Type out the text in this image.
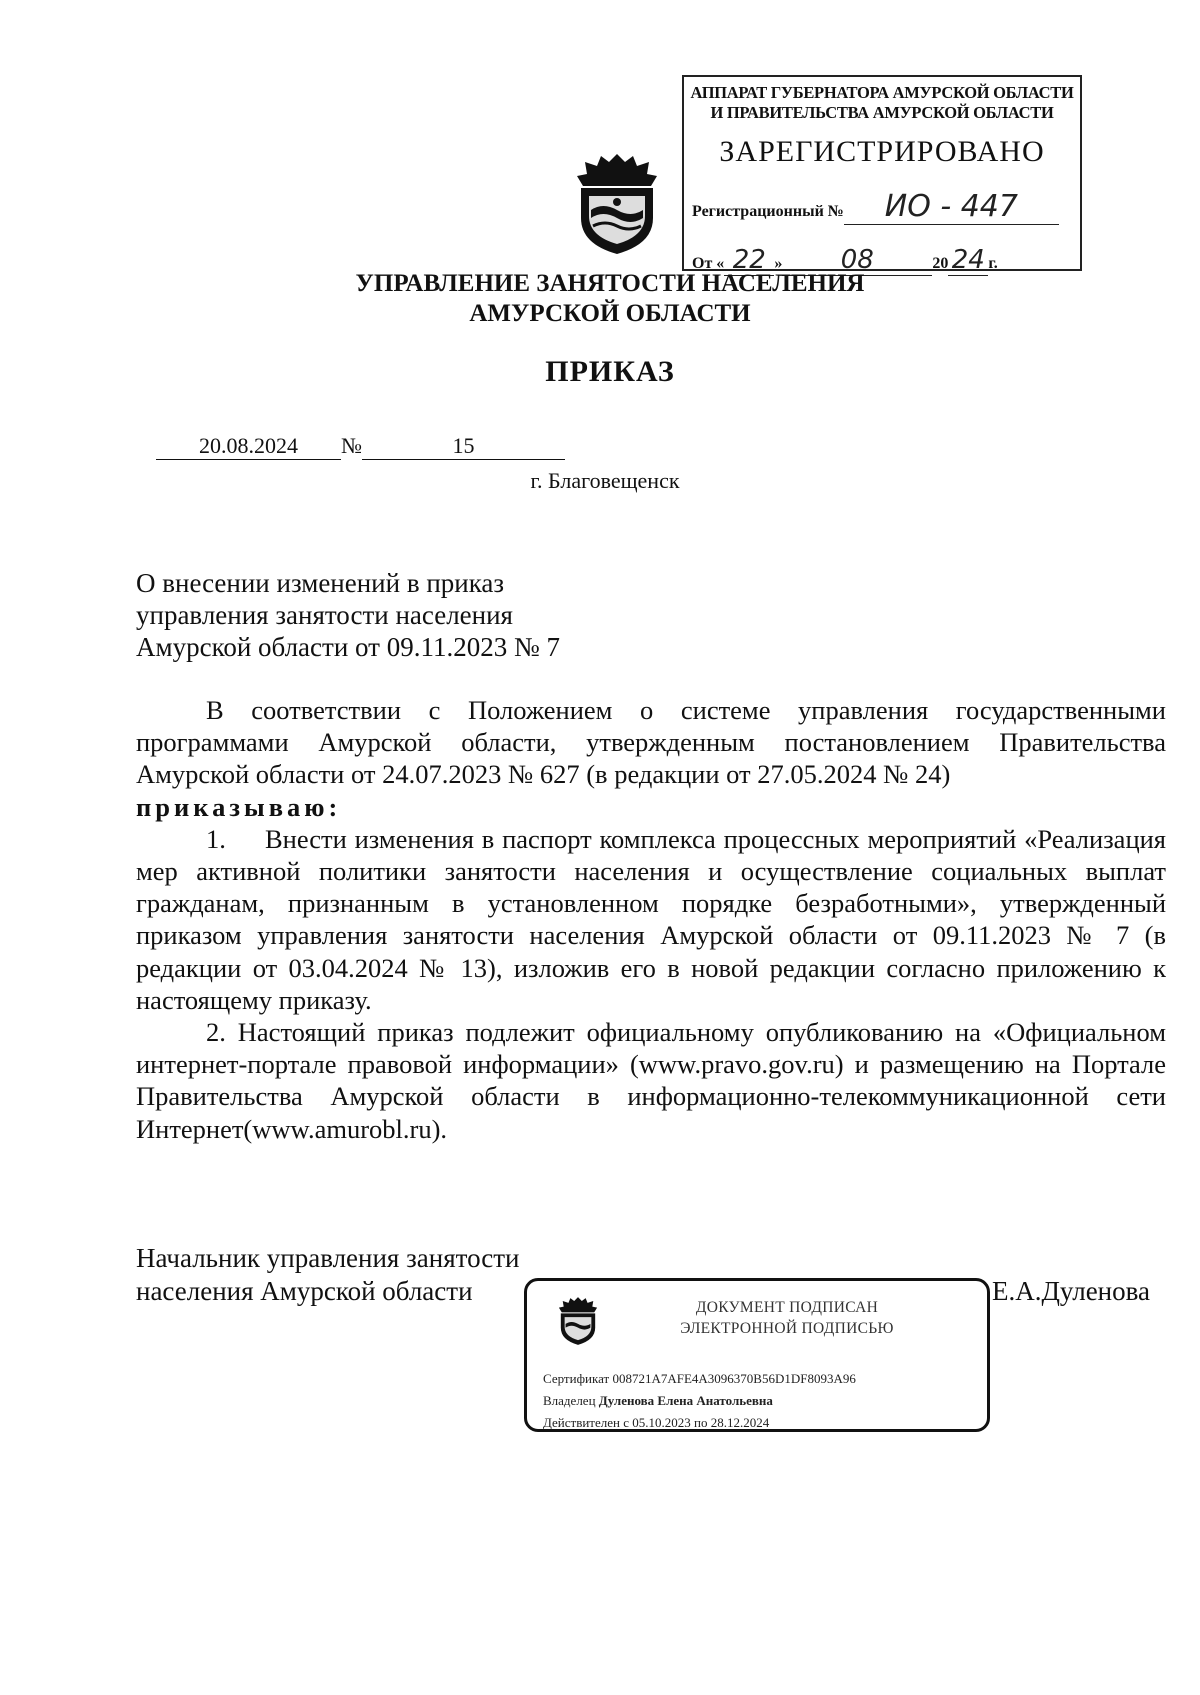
АППАРАТ ГУБЕРНАТОРА АМУРСКОЙ ОБЛАСТИ
И ПРАВИТЕЛЬСТВА АМУРСКОЙ ОБЛАСТИ
ЗАРЕГИСТРИРОВАНО
Регистрационный № ИО - 447
От « 22 » 08	20 24 г.
УПРАВЛЕНИЕ ЗАНЯТОСТИ НАСЕЛЕНИЯ
АМУРСКОЙ ОБЛАСТИ
ПРИКАЗ
20.08.2024 №	15
г. Благовещенск
О внесении изменений в приказ
управления занятости населения
Амурской области от 09.11.2023 № 7

В соответствии с Положением о системе управления государственными программами Амурской области, утвержденным постановлением Правительства Амурской области от 24.07.2023 № 627 (в редакции от 27.05.2024 № 24)

приказываю:

1.     Внести изменения в паспорт комплекса процессных мероприятий «Реализация мер активной политики занятости населения и осуществление социальных выплат гражданам, признанным в установленном порядке безработными», утвержденный приказом управления занятости населения Амурской области от 09.11.2023 № 7 (в редакции от 03.04.2024 № 13), изложив его в новой редакции согласно приложению к настоящему приказу.

2. Настоящий приказ подлежит официальному опубликованию на «Официальном интернет-портале правовой информации» (www.pravo.gov.ru) и размещению на Портале Правительства Амурской области в информационно-телекоммуникационной сети Интернет(www.amurobl.ru).

Начальник управления занятости
населения Амурской области	Е.А.Дуленова
ДОКУМЕНТ ПОДПИСАН
ЭЛЕКТРОННОЙ ПОДПИСЬЮ
Сертификат 008721A7AFE4A3096370B56D1DF8093A96
Владелец Дуленова Елена Анатольевна
Действителен с 05.10.2023 по 28.12.2024
